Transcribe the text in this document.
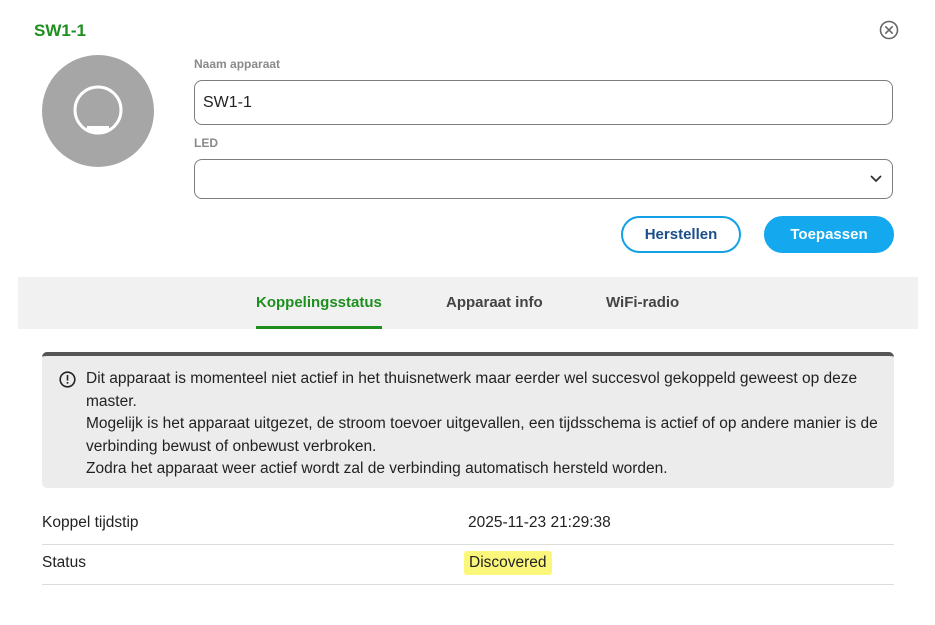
SW1-1
Naam apparaat
SW1-1
LED
Herstellen	Toepassen
Koppelingsstatus	Apparaat info	WiFi-radio

Dit apparaat is momenteel niet actief in het thuisnetwerk maar eerder wel succesvol gekoppeld geweest op deze master.

Mogelijk is het apparaat uitgezet, de stroom toevoer uitgevallen, een tijdsschema is actief of op andere manier is de verbinding bewust of onbewust verbroken.

Zodra het apparaat weer actief wordt zal de verbinding automatisch hersteld worden.

Koppel tijdstip	2025-11-23 21:29:38
Status	Discovered
